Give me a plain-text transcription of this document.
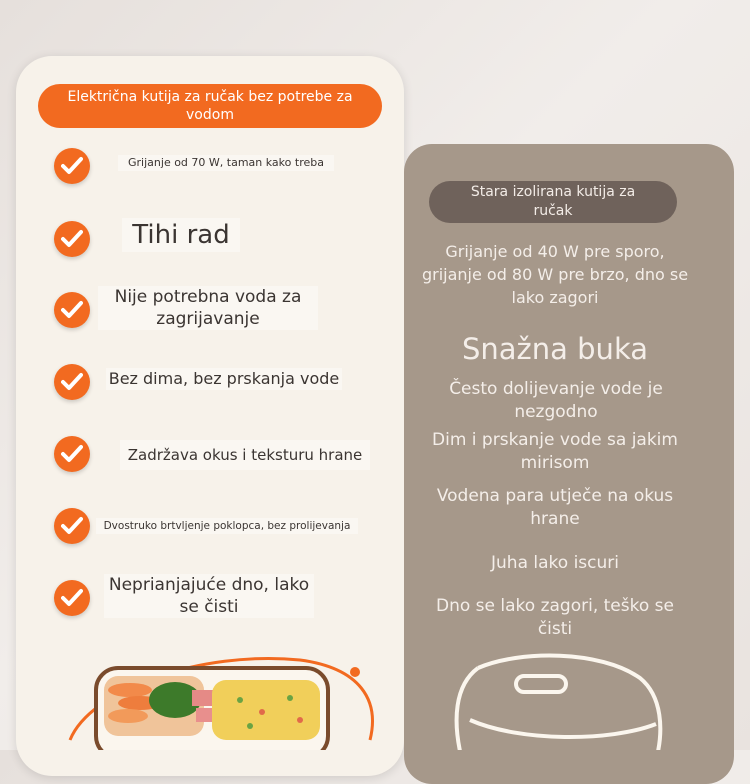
Električna kutija za ručak bez potrebe za vodom
Grijanje od 70 W, taman kako treba
Tihi rad
Nije potrebna voda za zagrijavanje
Bez dima, bez prskanja vode
Zadržava okus i teksturu hrane
Dvostruko brtvljenje poklopca, bez prolijevanja
Neprianjajuće dno, lako se čisti
Stara izolirana kutija za ručak
Grijanje od 40 W pre sporo, grijanje od 80 W pre brzo, dno se lako zagori
Snažna buka
Često dolijevanje vode je nezgodno
Dim i prskanje vode sa jakim mirisom
Vodena para utječe na okus hrane
Juha lako iscuri
Dno se lako zagori, teško se čisti
